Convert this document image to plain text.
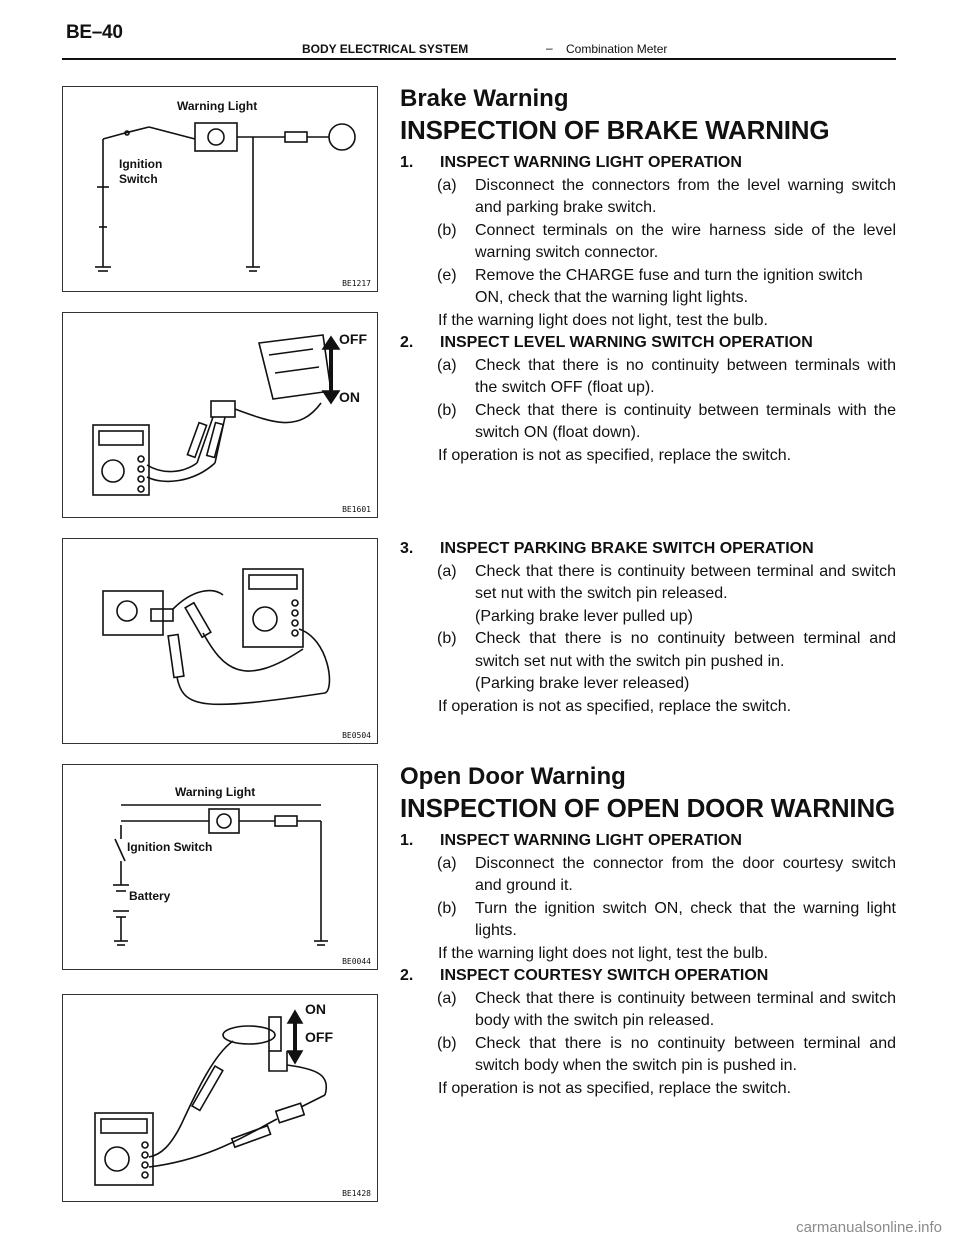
BE–40
BODY ELECTRICAL SYSTEM	– Combination Meter
Warning Light
Ignition
Switch
BE1217
OFF
ON
BE1601
BE0504
Warning Light
Ignition Switch
Battery
BE0044
ON
OFF
BE1428
Brake Warning
INSPECTION OF BRAKE WARNING
1.	INSPECT WARNING LIGHT OPERATION
(a)	Disconnect the connectors from the level warning switch and parking brake switch.
(b)	Connect terminals on the wire harness side of the level warning switch connector.
(e)	Remove the CHARGE fuse and turn the ignition switch
ON, check that the warning light lights.
If the warning light does not light, test the bulb.
2.	INSPECT LEVEL WARNING SWITCH OPERATION
(a)	Check that there is no continuity between terminals with the switch OFF (float up).
(b)	Check that there is continuity between terminals with the switch ON (float down).
If operation is not as specified, replace the switch.
3.	INSPECT PARKING BRAKE SWITCH OPERATION
(a)	Check that there is continuity between terminal and switch set nut with the switch pin released.
(Parking brake lever pulled up)
(b)	Check that there is no continuity between terminal and switch set nut with the switch pin pushed in.
(Parking brake lever released)
If operation is not as specified, replace the switch.
Open Door Warning
INSPECTION OF OPEN DOOR WARNING
1.	INSPECT WARNING LIGHT OPERATION
(a)	Disconnect the connector from the door courtesy switch and ground it.
(b)	Turn the ignition switch ON, check that the warning light lights.
If the warning light does not light, test the bulb.
2.	INSPECT COURTESY SWITCH OPERATION
(a)	Check that there is continuity between terminal and switch body with the switch pin released.
(b)	Check that there is no continuity between terminal and switch body when the switch pin is pushed in.
If operation is not as specified, replace the switch.
carmanualsonline.info
